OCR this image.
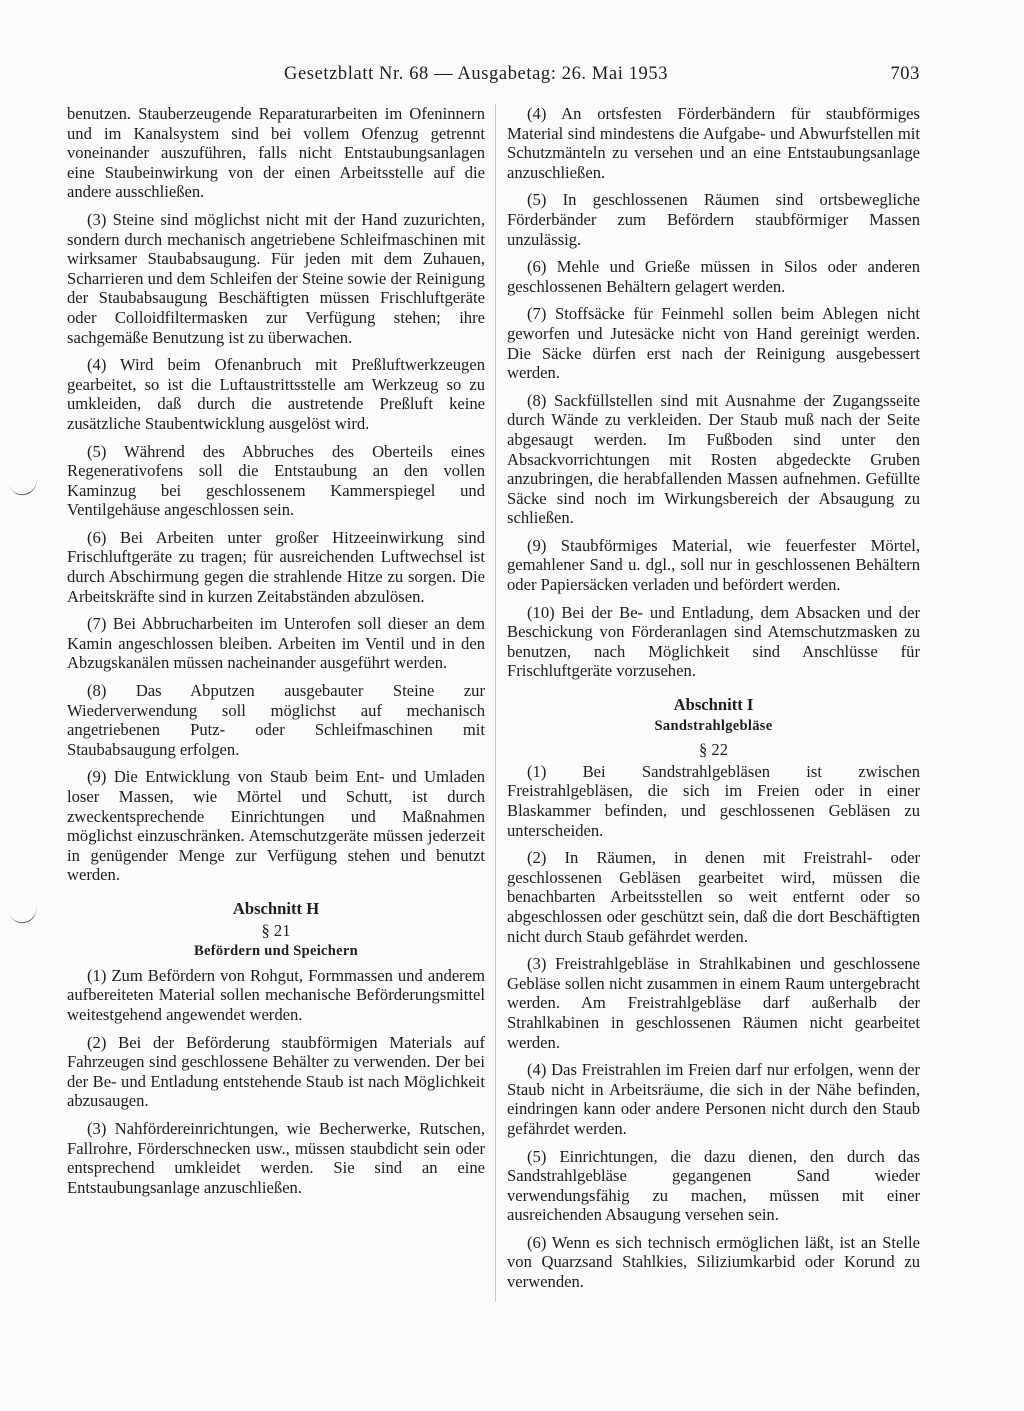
Gesetzblatt Nr. 68 — Ausgabetag: 26. Mai 1953	703

benutzen. Stauberzeugende Reparaturarbeiten im Ofeninnern und im Kanalsystem sind bei vollem Ofenzug getrennt voneinander auszuführen, falls nicht Entstaubungsanlagen eine Staubeinwirkung von der einen Arbeitsstelle auf die andere ausschließen.

(3) Steine sind möglichst nicht mit der Hand zuzurichten, sondern durch mechanisch angetriebene Schleifmaschinen mit wirksamer Staubabsaugung. Für jeden mit dem Zuhauen, Scharrieren und dem Schleifen der Steine sowie der Reinigung der Staubabsaugung Beschäftigten müssen Frischluftgeräte oder Colloidfiltermasken zur Verfügung stehen; ihre sachgemäße Benutzung ist zu überwachen.

(4) Wird beim Ofenanbruch mit Preßluftwerkzeugen gearbeitet, so ist die Luftaustrittsstelle am Werkzeug so zu umkleiden, daß durch die austretende Preßluft keine zusätzliche Staubentwicklung ausgelöst wird.

(5) Während des Abbruches des Oberteils eines Regenerativofens soll die Entstaubung an den vollen Kaminzug bei geschlossenem Kammerspiegel und Ventilgehäuse angeschlossen sein.

(6) Bei Arbeiten unter großer Hitzeeinwirkung sind Frischluftgeräte zu tragen; für ausreichenden Luftwechsel ist durch Abschirmung gegen die strahlende Hitze zu sorgen. Die Arbeitskräfte sind in kurzen Zeitabständen abzulösen.

(7) Bei Abbrucharbeiten im Unterofen soll dieser an dem Kamin angeschlossen bleiben. Arbeiten im Ventil und in den Abzugskanälen müssen nacheinander ausgeführt werden.

(8) Das Abputzen ausgebauter Steine zur Wiederverwendung soll möglichst auf mechanisch angetriebenen Putz- oder Schleifmaschinen mit Staubabsaugung erfolgen.

(9) Die Entwicklung von Staub beim Ent- und Umladen loser Massen, wie Mörtel und Schutt, ist durch zweckentsprechende Einrichtungen und Maßnahmen möglichst einzuschränken. Atemschutzgeräte müssen jederzeit in genügender Menge zur Verfügung stehen und benutzt werden.

Abschnitt H
§ 21
Befördern und Speichern

(1) Zum Befördern von Rohgut, Formmassen und anderem aufbereiteten Material sollen mechanische Beförderungsmittel weitestgehend angewendet werden.

(2) Bei der Beförderung staubförmigen Materials auf Fahrzeugen sind geschlossene Behälter zu verwenden. Der bei der Be- und Entladung entstehende Staub ist nach Möglichkeit abzusaugen.

(3) Nahfördereinrichtungen, wie Becherwerke, Rutschen, Fallrohre, Förderschnecken usw., müssen staubdicht sein oder entsprechend umkleidet werden. Sie sind an eine Entstaubungsanlage anzuschließen.

(4) An ortsfesten Förderbändern für staubförmiges Material sind mindestens die Aufgabe- und Abwurfstellen mit Schutzmänteln zu versehen und an eine Entstaubungsanlage anzuschließen.

(5) In geschlossenen Räumen sind ortsbewegliche Förderbänder zum Befördern staubförmiger Massen unzulässig.

(6) Mehle und Grieße müssen in Silos oder anderen geschlossenen Behältern gelagert werden.

(7) Stoffsäcke für Feinmehl sollen beim Ablegen nicht geworfen und Jutesäcke nicht von Hand gereinigt werden. Die Säcke dürfen erst nach der Reinigung ausgebessert werden.

(8) Sackfüllstellen sind mit Ausnahme der Zugangsseite durch Wände zu verkleiden. Der Staub muß nach der Seite abgesaugt werden. Im Fußboden sind unter den Absackvorrichtungen mit Rosten abgedeckte Gruben anzubringen, die herabfallenden Massen aufnehmen. Gefüllte Säcke sind noch im Wirkungsbereich der Absaugung zu schließen.

(9) Staubförmiges Material, wie feuerfester Mörtel, gemahlener Sand u. dgl., soll nur in geschlossenen Behältern oder Papiersäcken verladen und befördert werden.

(10) Bei der Be- und Entladung, dem Absacken und der Beschickung von Förderanlagen sind Atemschutzmasken zu benutzen, nach Möglichkeit sind Anschlüsse für Frischluftgeräte vorzusehen.

Abschnitt I
Sandstrahlgebläse
§ 22

(1) Bei Sandstrahlgebläsen ist zwischen Freistrahlgebläsen, die sich im Freien oder in einer Blaskammer befinden, und geschlossenen Gebläsen zu unterscheiden.

(2) In Räumen, in denen mit Freistrahl- oder geschlossenen Gebläsen gearbeitet wird, müssen die benachbarten Arbeitsstellen so weit entfernt oder so abgeschlossen oder geschützt sein, daß die dort Beschäftigten nicht durch Staub gefährdet werden.

(3) Freistrahlgebläse in Strahlkabinen und geschlossene Gebläse sollen nicht zusammen in einem Raum untergebracht werden. Am Freistrahlgebläse darf außerhalb der Strahlkabinen in geschlossenen Räumen nicht gearbeitet werden.

(4) Das Freistrahlen im Freien darf nur erfolgen, wenn der Staub nicht in Arbeitsräume, die sich in der Nähe befinden, eindringen kann oder andere Personen nicht durch den Staub gefährdet werden.

(5) Einrichtungen, die dazu dienen, den durch das Sandstrahlgebläse gegangenen Sand wieder verwendungsfähig zu machen, müssen mit einer ausreichenden Absaugung versehen sein.

(6) Wenn es sich technisch ermöglichen läßt, ist an Stelle von Quarzsand Stahlkies, Siliziumkarbid oder Korund zu verwenden.
